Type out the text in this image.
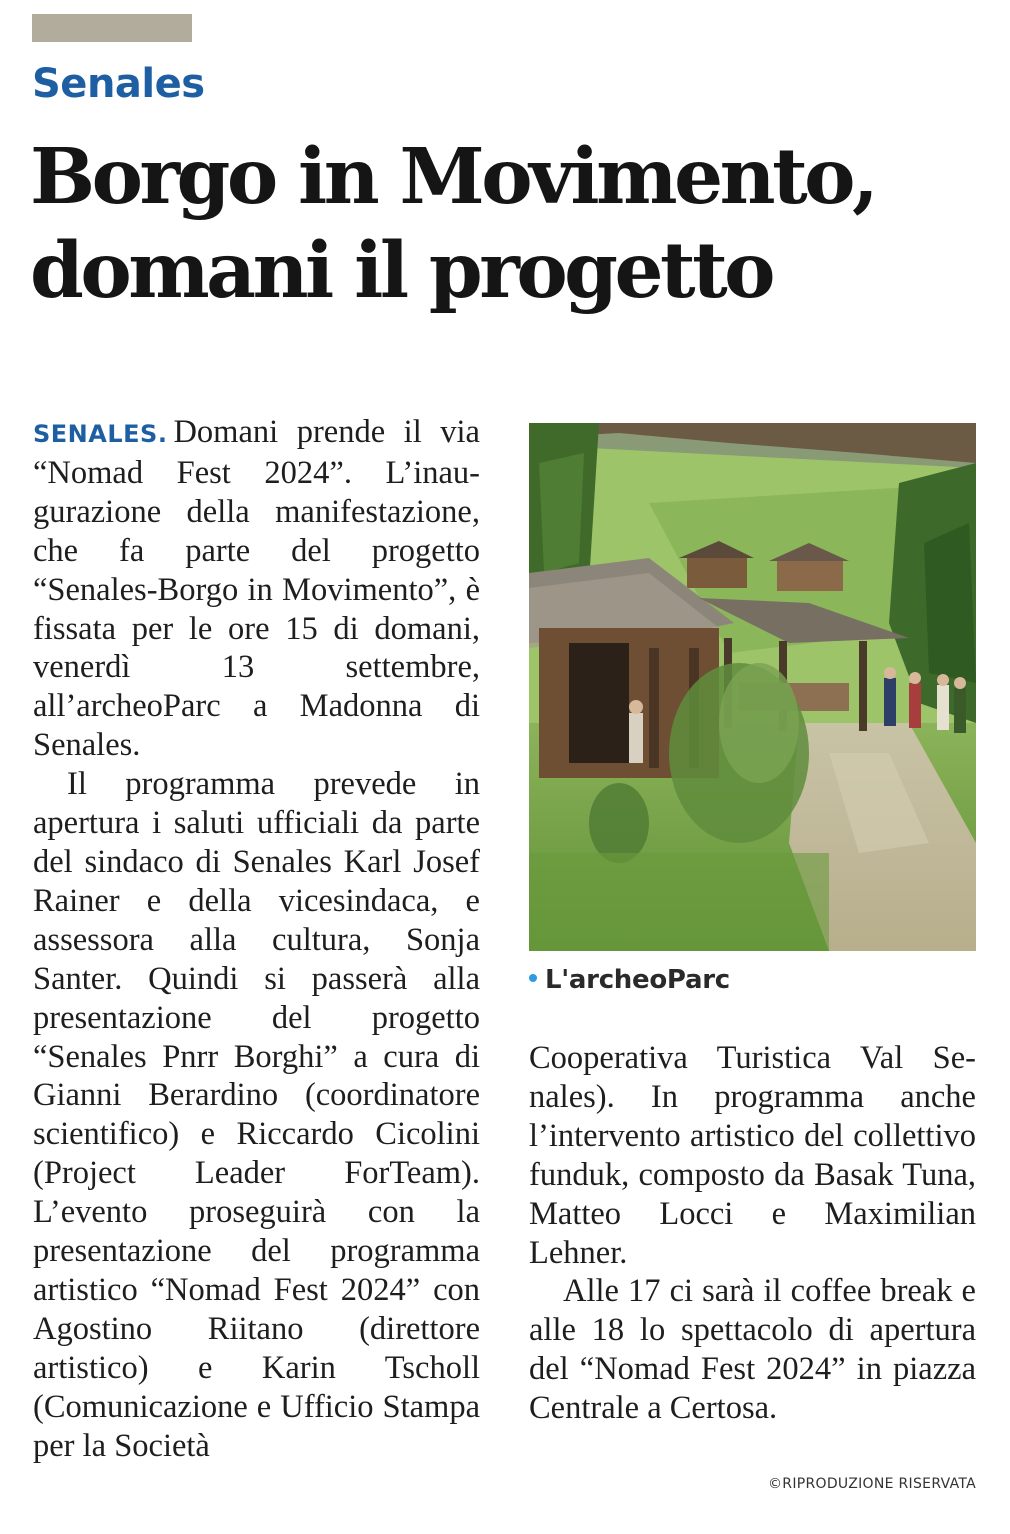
Senales
Borgo in Movimento,
domani il progetto

SENALES. Domani prende il via “Nomad Fest 2024”. L’inaugurazione della manifestazione, che fa parte del progetto “Senales-Borgo in Movimento”, è fissata per le ore 15 di domani, venerdì 13 settembre, all’archeoParc a Madonna di Senales.

Il programma prevede in apertura i saluti ufficiali da parte del sindaco di Senales Karl Josef Rainer e della vicesindaca, e assessora alla cultura, Sonja Santer. Quindi si passerà alla presentazione del progetto “Senales Pnrr Borghi” a cura di Gianni Berardino (coordinatore scientifico) e Riccardo Cicolini (Project Leader ForTeam). L’evento proseguirà con la presentazione del programma artistico “Nomad Fest 2024” con Agostino Riitano (direttore artistico) e Karin Tscholl (Comunicazione e Ufficio Stampa per la Società

L'archeoParc

Cooperativa Turistica Val Senales). In programma anche l’intervento artistico del collettivo funduk, composto da Basak Tuna, Matteo Locci e Maximilian Lehner.

Alle 17 ci sarà il coffee break e alle 18 lo spettacolo di apertura del “Nomad Fest 2024” in piazza Centrale a Certosa.

©RIPRODUZIONE RISERVATA
